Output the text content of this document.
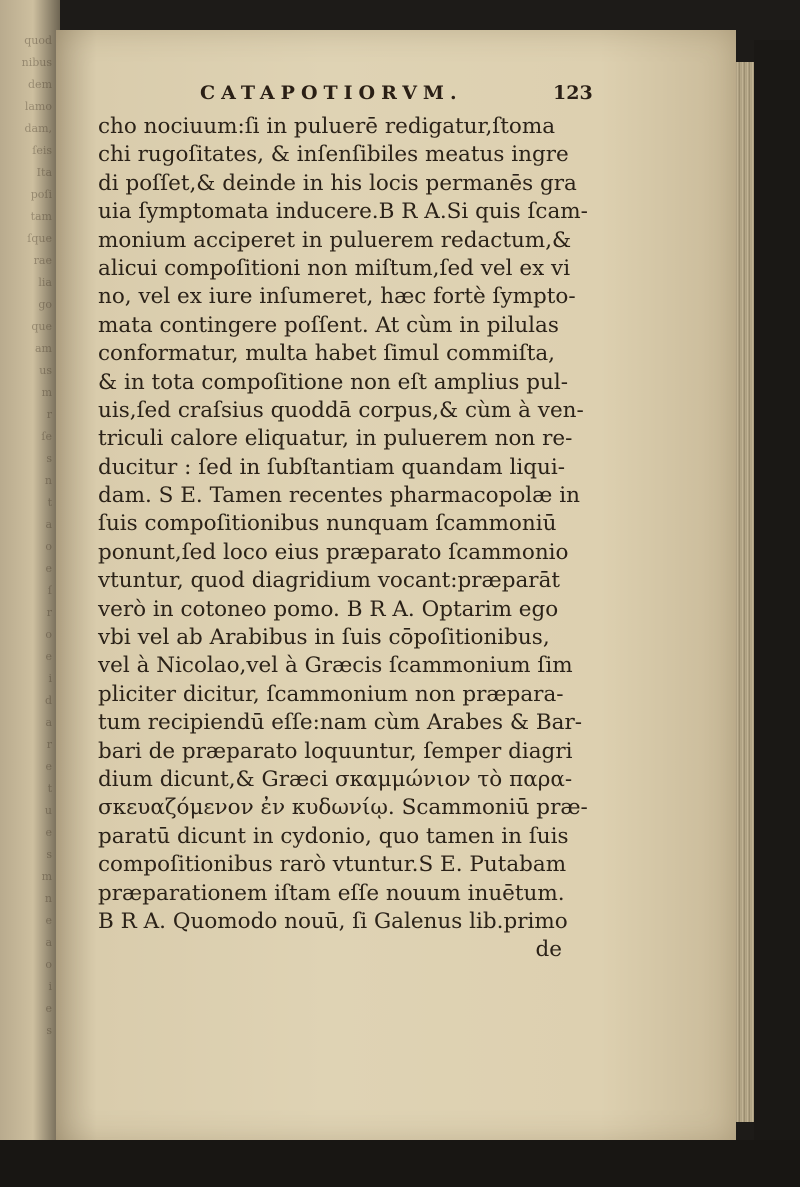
quod
nibus
dem
lamo
dam,
ſeis
Ita
poſi
tam
ſque
rae
lia
go
que
am
us
m
r
ſe
s
n
t
a
o
e
ſ
r
o
e
i
d
a
r
e
t
u
e
s
m
n
e
a
o
i
e
s
CATAPOTIORVM.	123
cho nociuum:ſi in puluerē redigatur,ſtoma
chi rugoſitates, & inſenſibiles meatus ingre
di poſſet,& deinde in his locis permanēs gra
uia ſymptomata inducere.B R A.Si quis ſcam-
monium acciperet in puluerem redactum,&
alicui compoſitioni non miſtum,ſed vel ex vi
no, vel ex iure inſumeret, hæc fortè ſympto-
mata contingere poſſent. At cùm in pilulas
conformatur, multa habet ſimul commiſta,
& in tota compoſitione non eſt amplius pul-
uis,ſed craſsius quoddā corpus,& cùm à ven-
triculi calore eliquatur, in puluerem non re-
ducitur : ſed in ſubſtantiam quandam liqui-
dam. S E. Tamen recentes pharmacopolæ in
ſuis compoſitionibus nunquam ſcammoniū
ponunt,ſed loco eius præparato ſcammonio
vtuntur, quod diagridium vocant:præparāt
verò in cotoneo pomo. B R A. Optarim ego
vbi vel ab Arabibus in ſuis cōpoſitionibus,
vel à Nicolao,vel à Græcis ſcammonium ſim
pliciter dicitur, ſcammonium non præpara-
tum recipiendū eſſe:nam cùm Arabes & Bar-
bari de præparato loquuntur, ſemper diagri
dium dicunt,& Græci σκαμμώνιον τὸ παρα-
σκευαζόμενον ἐν κυδωνίῳ. Scammoniū præ-
paratū dicunt in cydonio, quo tamen in ſuis
compoſitionibus rarò vtuntur.S E. Putabam
præparationem iſtam eſſe nouum inuētum.
B R A. Quomodo nouū, ſi Galenus lib.primo
de
